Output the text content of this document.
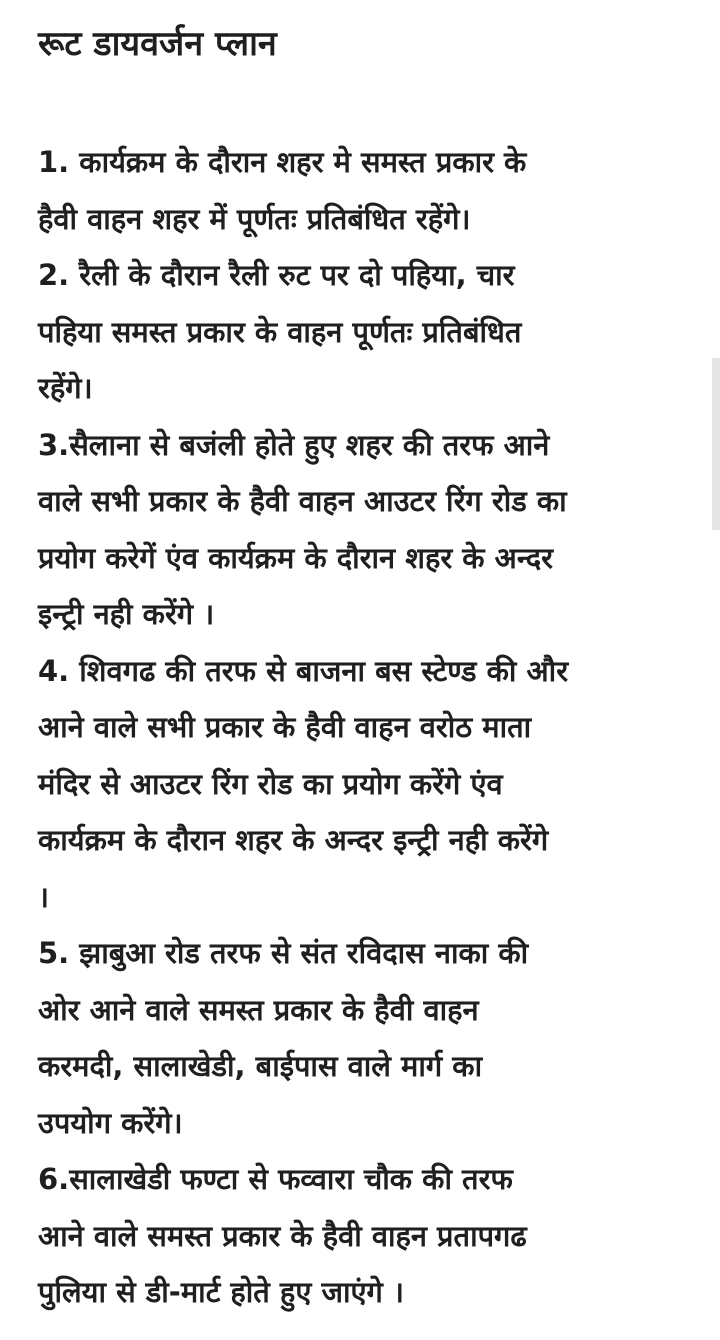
रूट डायवर्जन प्लान
1. कार्यक्रम के दौरान शहर मे समस्त प्रकार के
हैवी वाहन शहर में पूर्णतः प्रतिबंधित रहेंगे।
2. रैली के दौरान रैली रुट पर दो पहिया, चार
पहिया समस्त प्रकार के वाहन पूर्णतः प्रतिबंधित
रहेंगे।
3.सैलाना से बजंली होते हुए शहर की तरफ आने
वाले सभी प्रकार के हैवी वाहन आउटर रिंग रोड का
प्रयोग करेगें एंव कार्यक्रम के दौरान शहर के अन्दर
इन्ट्री नही करेंगे ।
4. शिवगढ की तरफ से बाजना बस स्टेण्ड की और
आने वाले सभी प्रकार के हैवी वाहन वरोठ माता
मंदिर से आउटर रिंग रोड का प्रयोग करेंगे एंव
कार्यक्रम के दौरान शहर के अन्दर इन्ट्री नही करेंगे
।
5. झाबुआ रोड तरफ से संत रविदास नाका की
ओर आने वाले समस्त प्रकार के हैवी वाहन
करमदी, सालाखेडी, बाईपास वाले मार्ग का
उपयोग करेंगे।
6.सालाखेडी फण्टा से फव्वारा चौक की तरफ
आने वाले समस्त प्रकार के हैवी वाहन प्रतापगढ
पुलिया से डी-मार्ट होते हुए जाएंगे ।
